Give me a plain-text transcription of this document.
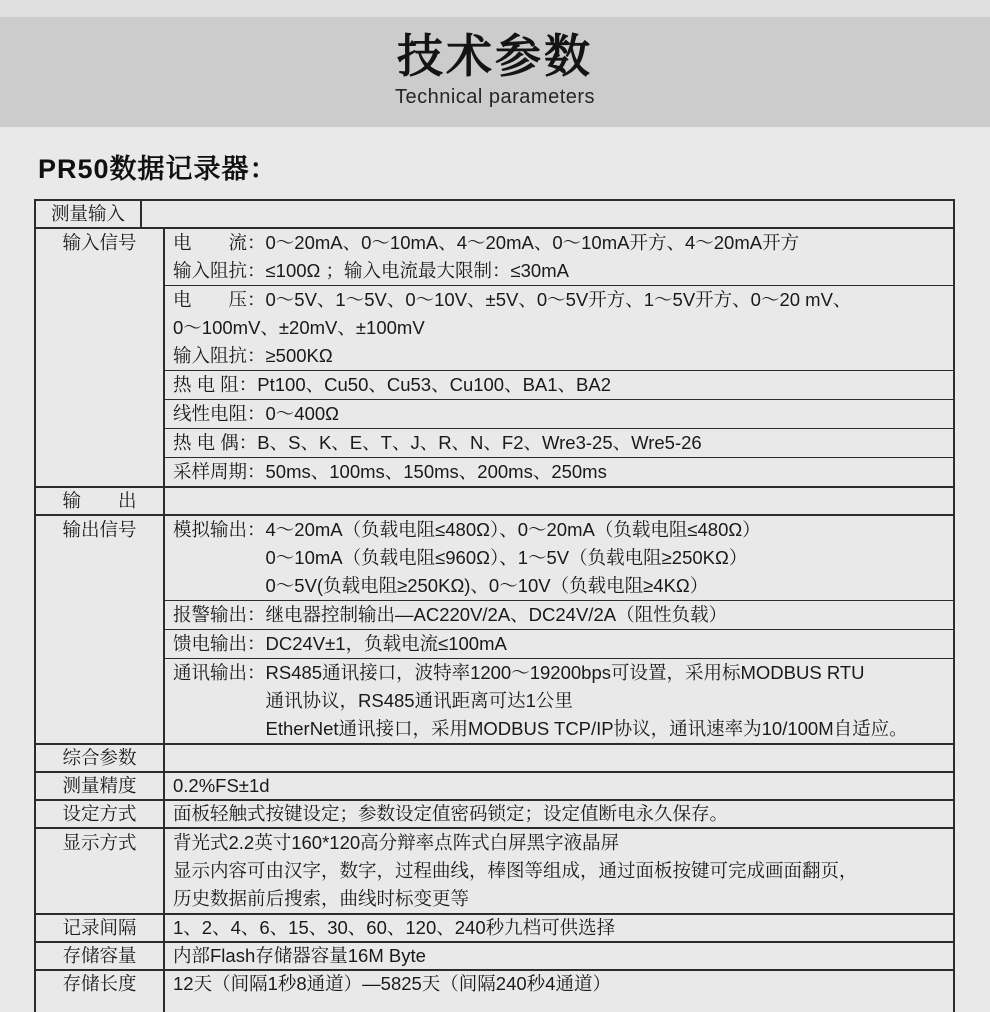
技术参数
Technical parameters
PR50数据记录器：
测量输入
输入信号	电　　流：0～20mA、0～10mA、4～20mA、0～10mA开方、4～20mA开方
输入阻抗：≤100Ω ；输入电流最大限制：≤30mA
电　　压：0～5V、1～5V、0～10V、±5V、0～5V开方、1～5V开方、0～20 mV、
0～100mV、±20mV、±100mV
输入阻抗：≥500KΩ
热 电 阻：Pt100、Cu50、Cu53、Cu100、BA1、BA2
线性电阻：0～400Ω
热 电 偶：B、S、K、E、T、J、R、N、F2、Wre3-25、Wre5-26
采样周期：50ms、100ms、150ms、200ms、250ms
输　　出
输出信号	模拟输出：4～20mA（负载电阻≤480Ω）、0～20mA（负载电阻≤480Ω）
　　　　　0～10mA（负载电阻≤960Ω）、1～5V（负载电阻≥250KΩ）
　　　　　0～5V(负载电阻≥250KΩ)、0～10V（负载电阻≥4KΩ）
报警输出：继电器控制输出—AC220V/2A、DC24V/2A（阻性负载）
馈电输出：DC24V±1，负载电流≤100mA
通讯输出：RS485通讯接口，波特率1200～19200bps可设置，采用标MODBUS RTU
　　　　　通讯协议，RS485通讯距离可达1公里
　　　　　EtherNet通讯接口，采用MODBUS TCP/IP协议，通讯速率为10/100M自适应。
综合参数
测量精度	0.2%FS±1d
设定方式	面板轻触式按键设定；参数设定值密码锁定；设定值断电永久保存。
显示方式	背光式2.2英寸160*120高分辩率点阵式白屏黑字液晶屏
显示内容可由汉字，数字，过程曲线，棒图等组成，通过面板按键可完成画面翻页，
历史数据前后搜索，曲线时标变更等
记录间隔	1、2、4、6、15、30、60、120、240秒九档可供选择
存储容量	内部Flash存储器容量16M Byte
存储长度	12天（间隔1秒8通道）—5825天（间隔240秒4通道）
